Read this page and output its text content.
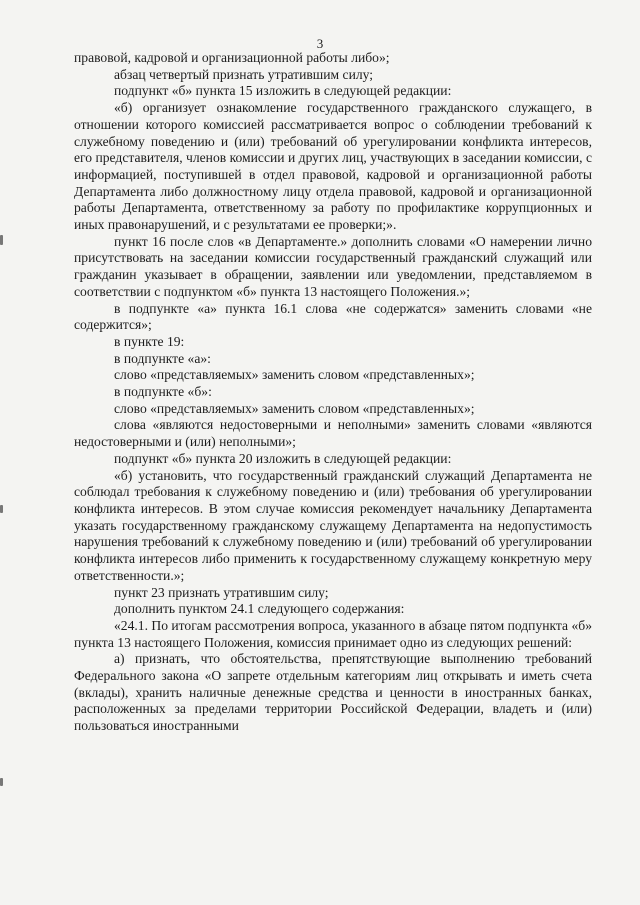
3

правовой, кадровой и организационной работы либо»;

абзац четвертый признать утратившим силу;

подпункт «б» пункта 15 изложить в следующей редакции:

«б) организует ознакомление государственного гражданского служащего, в отношении которого комиссией рассматривается вопрос о соблюдении требований к служебному поведению и (или) требований об урегулировании конфликта интересов, его представителя, членов комиссии и других лиц, участвующих в заседании комиссии, с информацией, поступившей в отдел правовой, кадровой и организационной работы Департамента либо должностному лицу отдела правовой, кадровой и организационной работы Департамента, ответственному за работу по профилактике коррупционных и иных правонарушений, и с результатами ее проверки;».

пункт 16 после слов «в Департаменте.» дополнить словами «О намерении лично присутствовать на заседании комиссии государственный гражданский служащий или гражданин указывает в обращении, заявлении или уведомлении, представляемом в соответствии с подпунктом «б» пункта 13 настоящего Положения.»;

в подпункте «а» пункта 16.1 слова «не содержатся» заменить словами «не содержится»;

в пункте 19:

в подпункте «а»:

слово «представляемых» заменить словом «представленных»;

в подпункте «б»:

слово «представляемых» заменить словом «представленных»;

слова «являются недостоверными и неполными» заменить словами «являются недостоверными и (или) неполными»;

подпункт «б» пункта 20 изложить в следующей редакции:

«б) установить, что государственный гражданский служащий Департамента не соблюдал требования к служебному поведению и (или) требования об урегулировании конфликта интересов. В этом случае комиссия рекомендует начальнику Департамента указать государственному гражданскому служащему Департамента на недопустимость нарушения требований к служебному поведению и (или) требований об урегулировании конфликта интересов либо применить к государственному служащему конкретную меру ответственности.»;

пункт 23 признать утратившим силу;

дополнить пунктом 24.1 следующего содержания:

«24.1. По итогам рассмотрения вопроса, указанного в абзаце пятом подпункта «б» пункта 13 настоящего Положения, комиссия принимает одно из следующих решений:

а) признать, что обстоятельства, препятствующие выполнению требований Федерального закона «О запрете отдельным категориям лиц открывать и иметь счета (вклады), хранить наличные денежные средства и ценности в иностранных банках, расположенных за пределами территории Российской Федерации, владеть и (или) пользоваться иностранными
